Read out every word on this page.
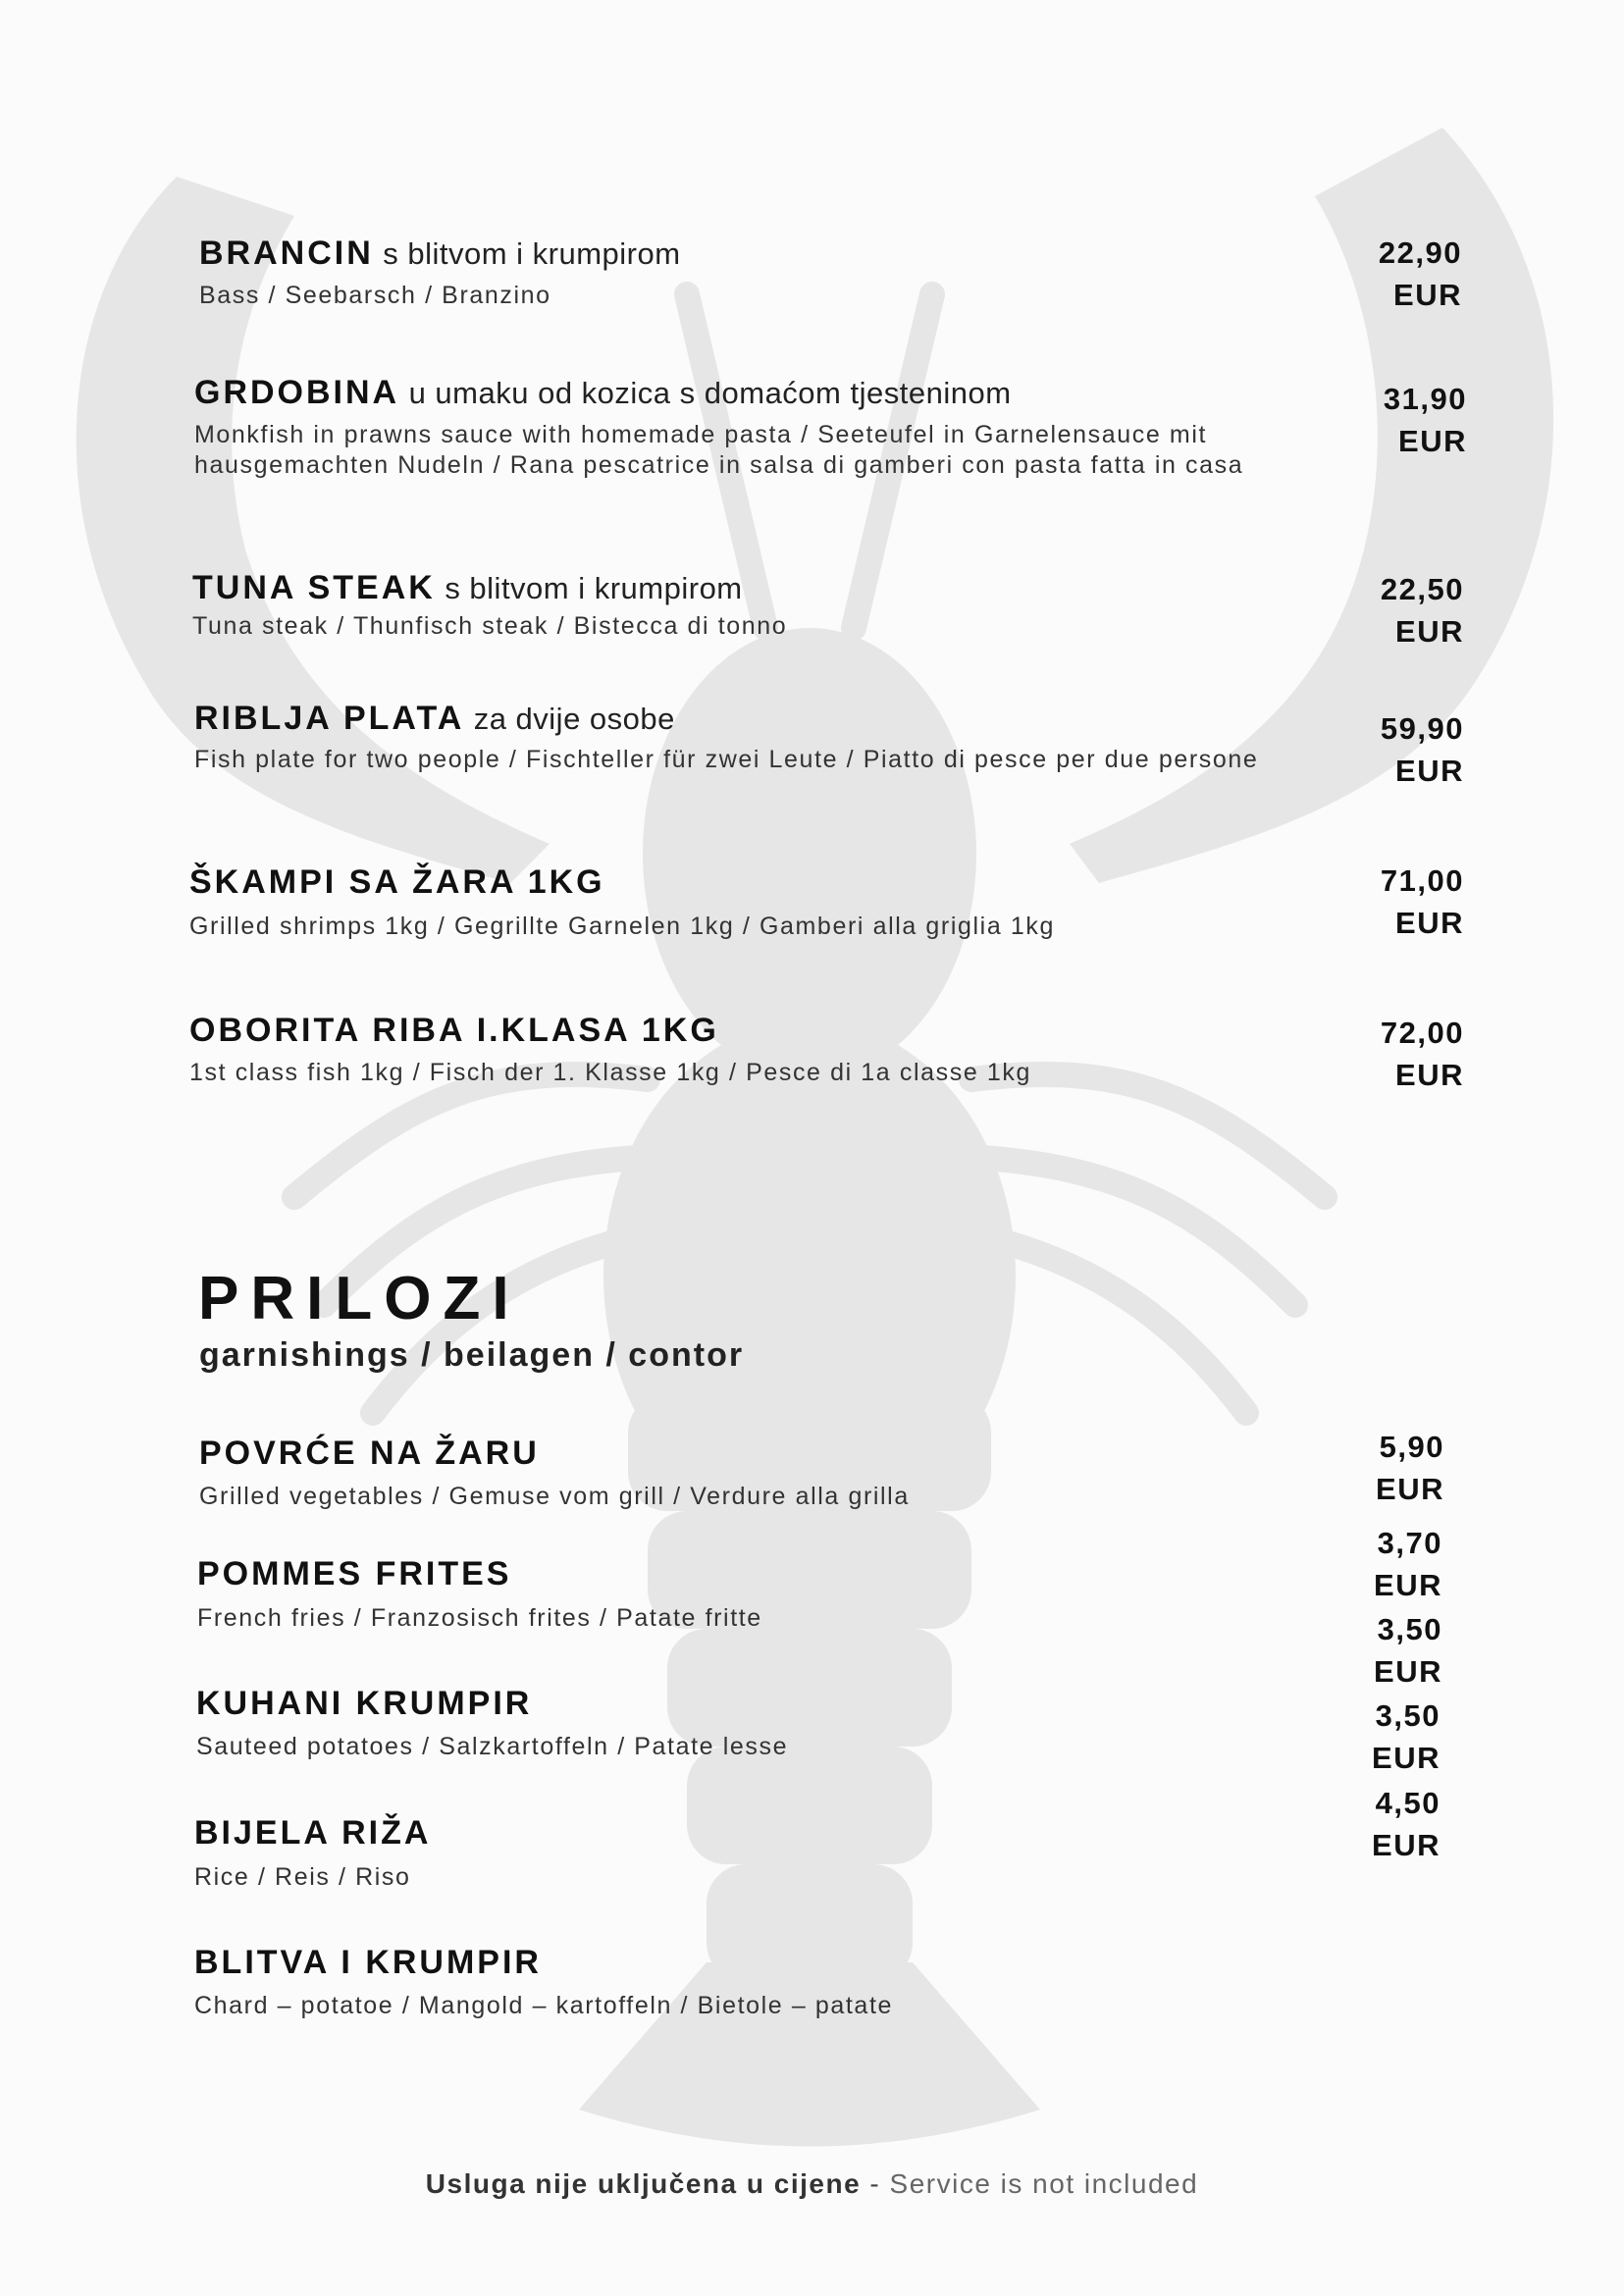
BRANCIN s blitvom i krumpirom
Bass / Seebarsch / Branzino
22,90
EUR
GRDOBINA u umaku od kozica s domaćom tjesteninom
Monkfish in prawns sauce with homemade pasta / Seeteufel in Garnelensauce mit hausgemachten Nudeln / Rana pescatrice in salsa di gamberi con pasta fatta in casa
31,90
EUR
TUNA STEAK s blitvom i krumpirom
Tuna steak / Thunfisch steak / Bistecca di tonno
22,50
EUR
RIBLJA PLATA za dvije osobe
Fish plate for two people / Fischteller für zwei Leute / Piatto di pesce per due persone
59,90
EUR
ŠKAMPI SA ŽARA 1KG
Grilled shrimps 1kg / Gegrillte Garnelen 1kg / Gamberi alla griglia 1kg
71,00
EUR
OBORITA RIBA I.KLASA 1KG
1st class fish 1kg / Fisch der 1. Klasse 1kg / Pesce di 1a classe 1kg
72,00
EUR
PRILOZI
garnishings / beilagen / contor
POVRĆE NA ŽARU
Grilled vegetables / Gemuse vom grill / Verdure alla grilla
5,90
EUR
POMMES FRITES
French fries / Franzosisch frites / Patate fritte
3,70
EUR
KUHANI KRUMPIR
Sauteed potatoes / Salzkartoffeln / Patate lesse
3,50
EUR
BIJELA RIŽA
Rice / Reis / Riso
3,50
EUR
BLITVA I KRUMPIR
Chard – potatoe / Mangold – kartoffeln / Bietole – patate
4,50
EUR
Usluga nije uključena u cijene - Service is not included
